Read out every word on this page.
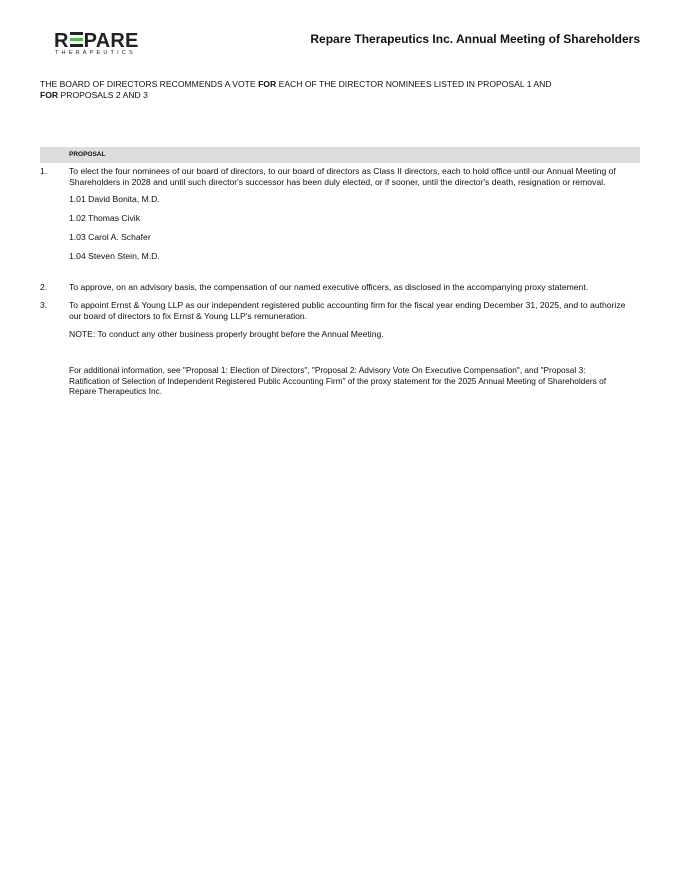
R PARE
THERAPEUTICS
Repare Therapeutics Inc. Annual Meeting of Shareholders
THE BOARD OF DIRECTORS RECOMMENDS A VOTE FOR EACH OF THE DIRECTOR NOMINEES LISTED IN PROPOSAL 1 AND
FOR PROPOSALS 2 AND 3
PROPOSAL
1.	To elect the four nominees of our board of directors, to our board of directors as Class II directors, each to hold office until our Annual Meeting of Shareholders in 2028 and until such director's successor has been duly elected, or if sooner, until the director's death, resignation or removal.
1.01 David Bonita, M.D.
1.02 Thomas Civik
1.03 Carol A. Schafer
1.04 Steven Stein, M.D.
2.	To approve, on an advisory basis, the compensation of our named executive officers, as disclosed in the accompanying proxy statement.
3.	To appoint Ernst & Young LLP as our independent registered public accounting firm for the fiscal year ending December 31, 2025, and to authorize our board of directors to fix Ernst & Young LLP's remuneration.
NOTE: To conduct any other business properly brought before the Annual Meeting.
For additional information, see "Proposal 1: Election of Directors", "Proposal 2: Advisory Vote On Executive Compensation", and "Proposal 3: Ratification of Selection of Independent Registered Public Accounting Firm" of the proxy statement for the 2025 Annual Meeting of Shareholders of Repare Therapeutics Inc.
